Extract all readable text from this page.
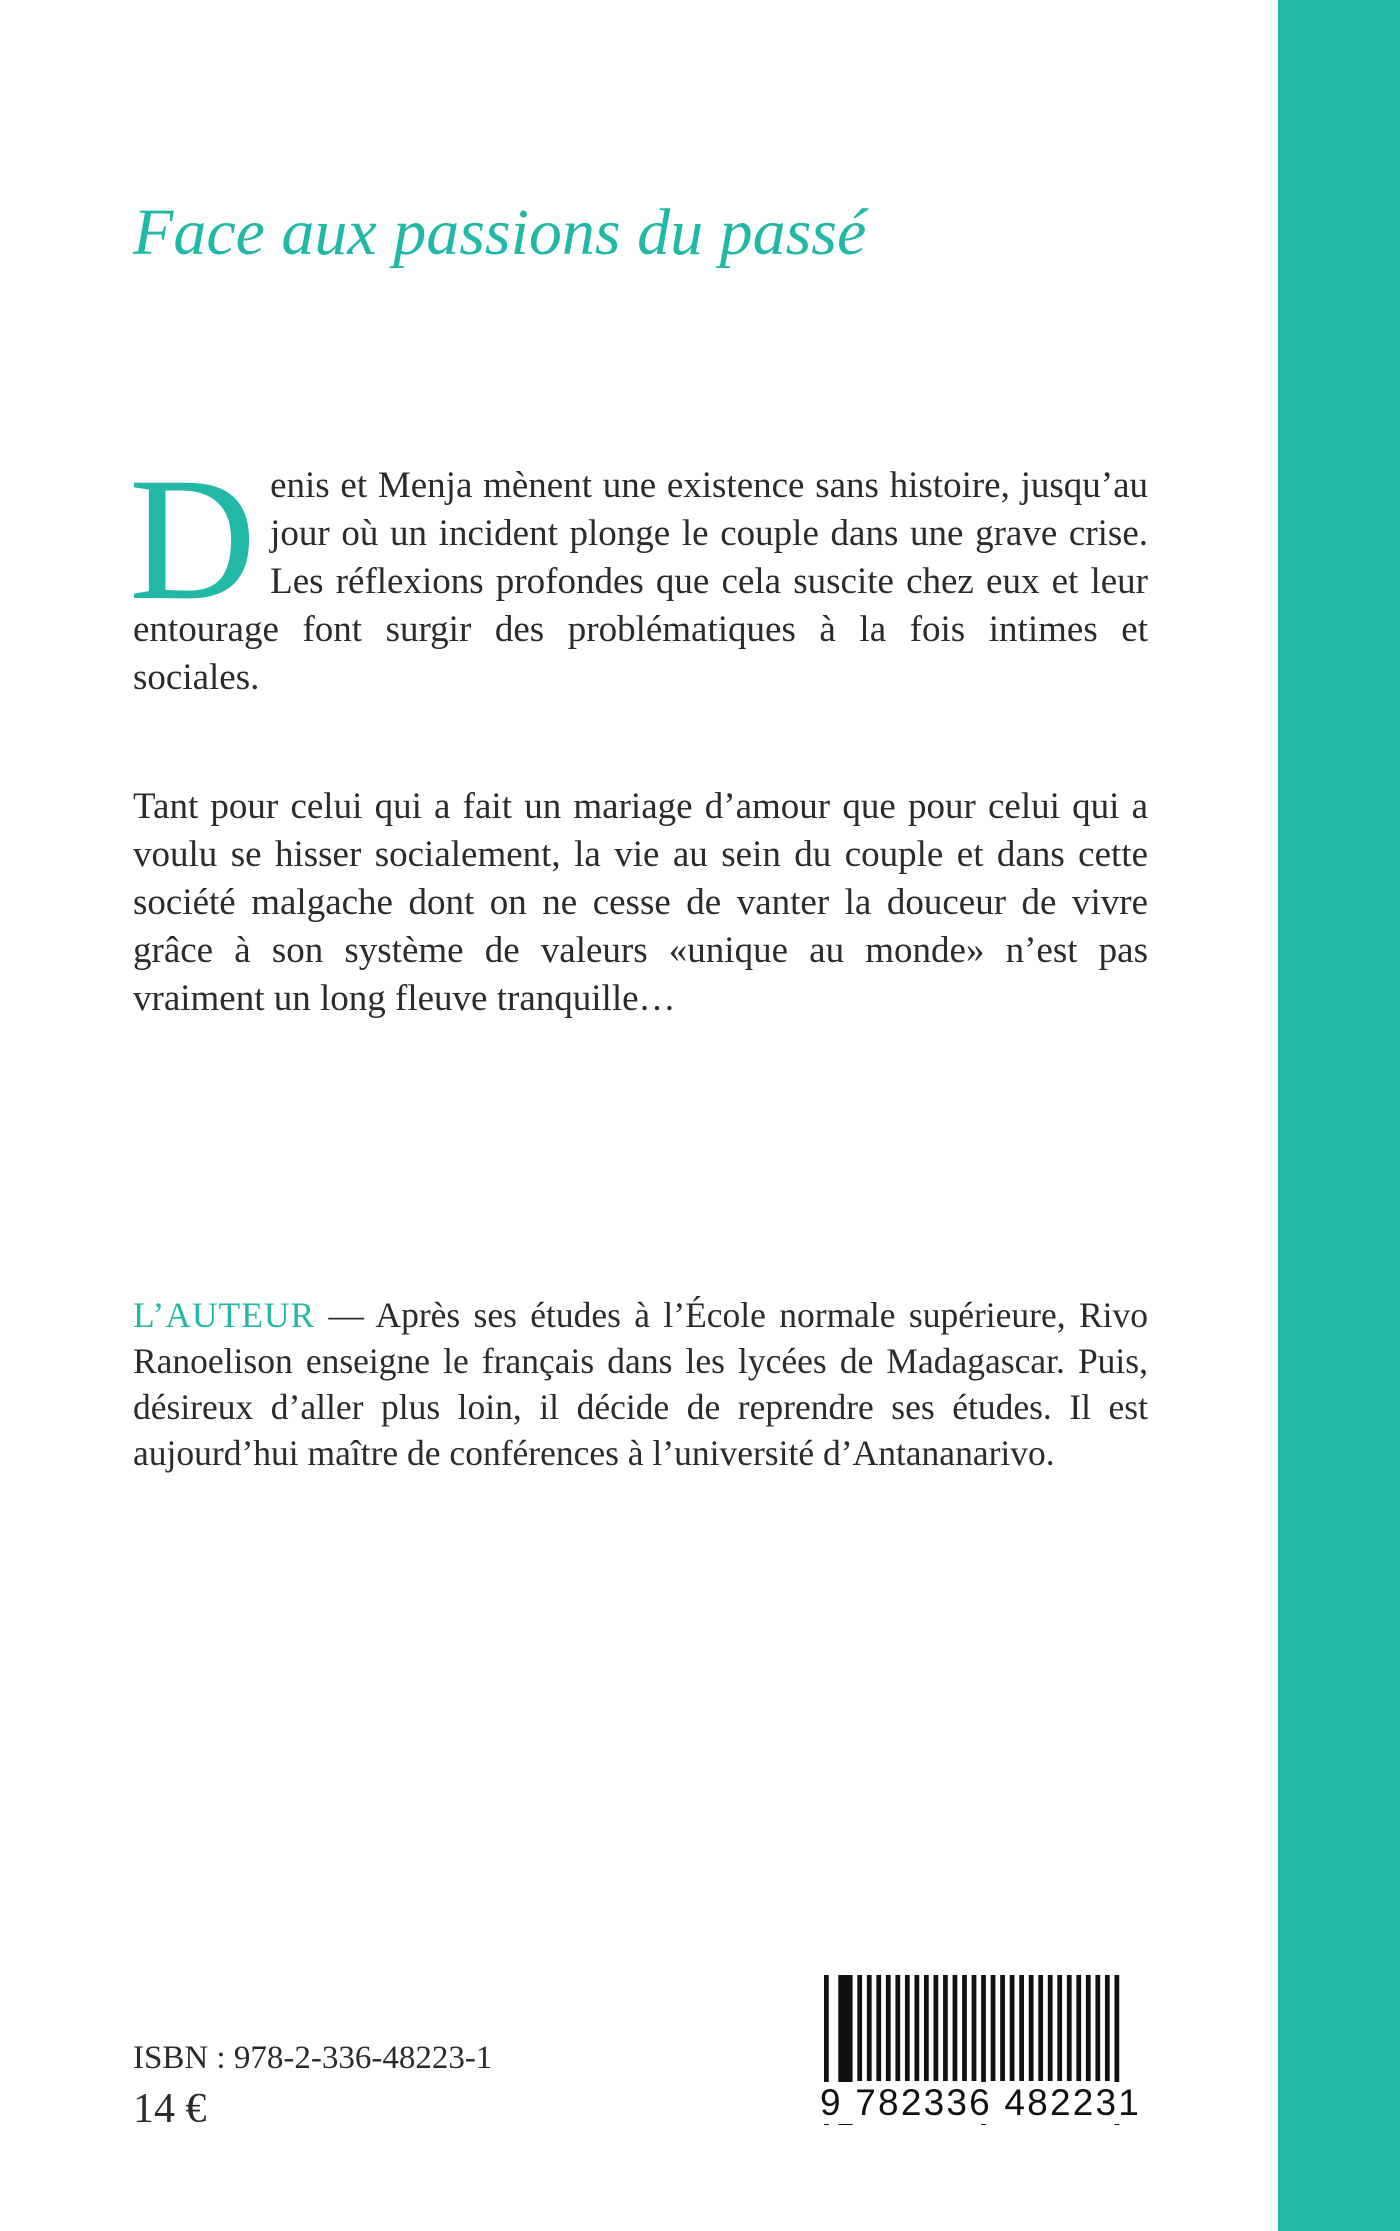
Face aux passions du passé

Denis et Menja mènent une existence sans histoire, jusqu’au jour où un incident plonge le couple dans une grave crise. Les réflexions profondes que cela suscite chez eux et leur entourage font surgir des problématiques à la fois intimes et sociales.

Tant pour celui qui a fait un mariage d’amour que pour celui qui a voulu se hisser socialement, la vie au sein du couple et dans cette société malgache dont on ne cesse de vanter la douceur de vivre grâce à son système de valeurs «unique au monde» n’est pas vraiment un long fleuve tranquille…

L’AUTEUR — Après ses études à l’École normale supérieure, Rivo Ranoelison enseigne le français dans les lycées de Madagascar. Puis, désireux d’aller plus loin, il décide de reprendre ses études. Il est aujourd’hui maître de conférences à l’université d’Antananarivo.

ISBN : 978-2-336-48223-1
14 €	9 782336 482231
